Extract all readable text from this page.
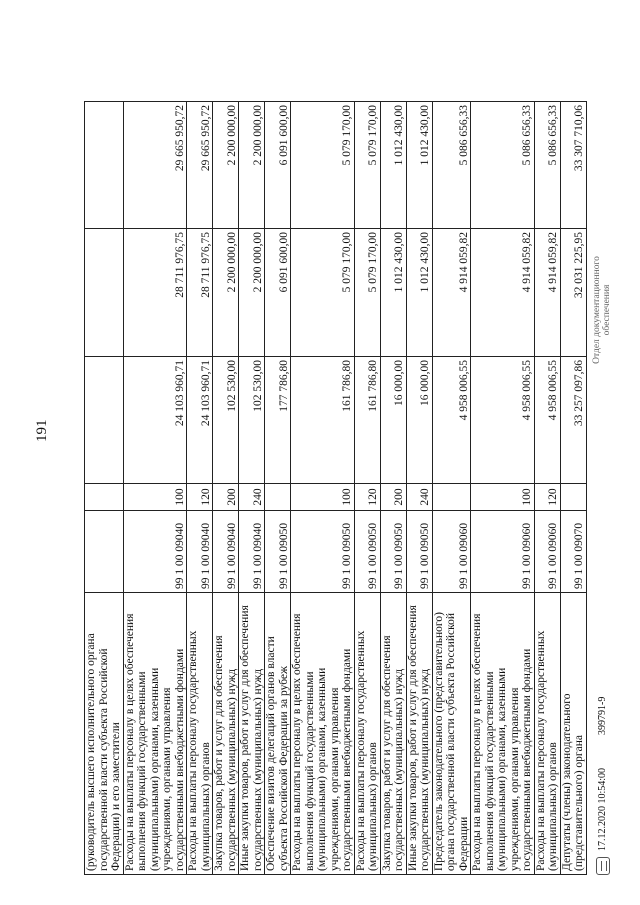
191
(руководитель высшего исполнительного органа государственной власти субъекта Российской Федерации) и его заместители					
Расходы на выплаты персоналу в целях обеспечения выполнения функций государственными (муниципальными) органами, казенными учреждениями, органами управления государственными внебюджетными фондами	99 1 00 09040	100	24 103 960,71	28 711 976,75	29 665 950,72
Расходы на выплаты персоналу государственных (муниципальных) органов	99 1 00 09040	120	24 103 960,71	28 711 976,75	29 665 950,72
Закупка товаров, работ и услуг для обеспечения государственных (муниципальных) нужд	99 1 00 09040	200	102 530,00	2 200 000,00	2 200 000,00
Иные закупки товаров, работ и услуг для обеспечения государственных (муниципальных) нужд	99 1 00 09040	240	102 530,00	2 200 000,00	2 200 000,00
Обеспечение визитов делегаций органов власти субъекта Российской Федерации за рубеж	99 1 00 09050		177 786,80	6 091 600,00	6 091 600,00
Расходы на выплаты персоналу в целях обеспечения выполнения функций государственными (муниципальными) органами, казенными учреждениями, органами управления государственными внебюджетными фондами	99 1 00 09050	100	161 786,80	5 079 170,00	5 079 170,00
Расходы на выплаты персоналу государственных (муниципальных) органов	99 1 00 09050	120	161 786,80	5 079 170,00	5 079 170,00
Закупка товаров, работ и услуг для обеспечения государственных (муниципальных) нужд	99 1 00 09050	200	16 000,00	1 012 430,00	1 012 430,00
Иные закупки товаров, работ и услуг для обеспечения государственных (муниципальных) нужд	99 1 00 09050	240	16 000,00	1 012 430,00	1 012 430,00
Председатель законодательного (представительного) органа государственной власти субъекта Российской Федерации	99 1 00 09060		4 958 006,55	4 914 059,82	5 086 656,33
Расходы на выплаты персоналу в целях обеспечения выполнения функций государственными (муниципальными) органами, казенными учреждениями, органами управления государственными внебюджетными фондами	99 1 00 09060	100	4 958 006,55	4 914 059,82	5 086 656,33
Расходы на выплаты персоналу государственных (муниципальных) органов	99 1 00 09060	120	4 958 006,55	4 914 059,82	5 086 656,33
Депутаты (члены) законодательного (представительного) органа	99 1 00 09070		33 257 097,86	32 031 225,95	33 307 710,06
17.12.2020 10:54:00
399791-9
Отдел документационного обеспечения
